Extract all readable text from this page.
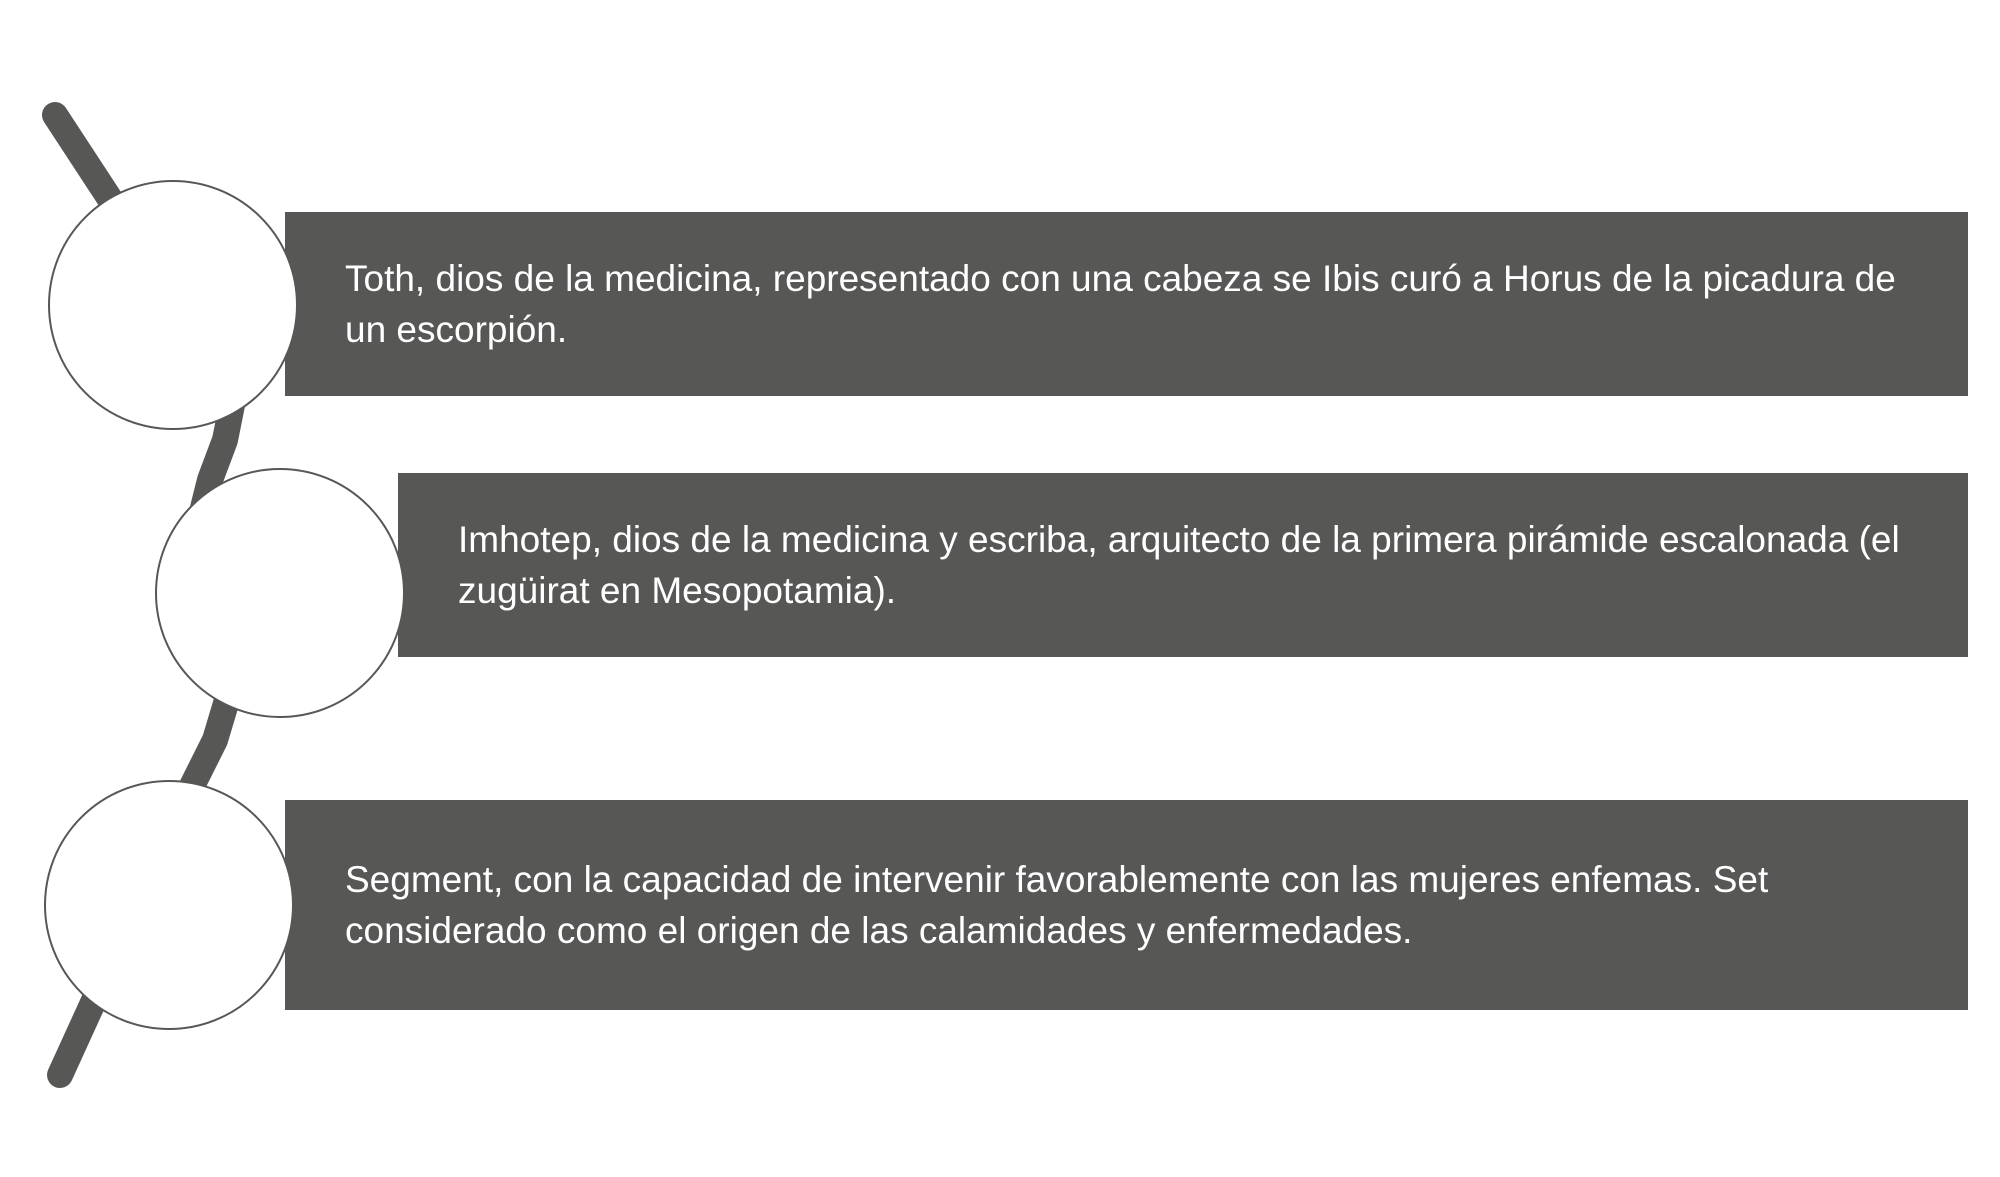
Toth, dios de la medicina, representado con una cabeza se Ibis curó a Horus de la picadura de un escorpión.
Imhotep, dios de la medicina y escriba, arquitecto de la primera pirámide escalonada (el zugüirat en Mesopotamia).
Segment, con la capacidad de intervenir favorablemente con las mujeres enfemas. Set considerado como el origen de las calamidades y enfermedades.
